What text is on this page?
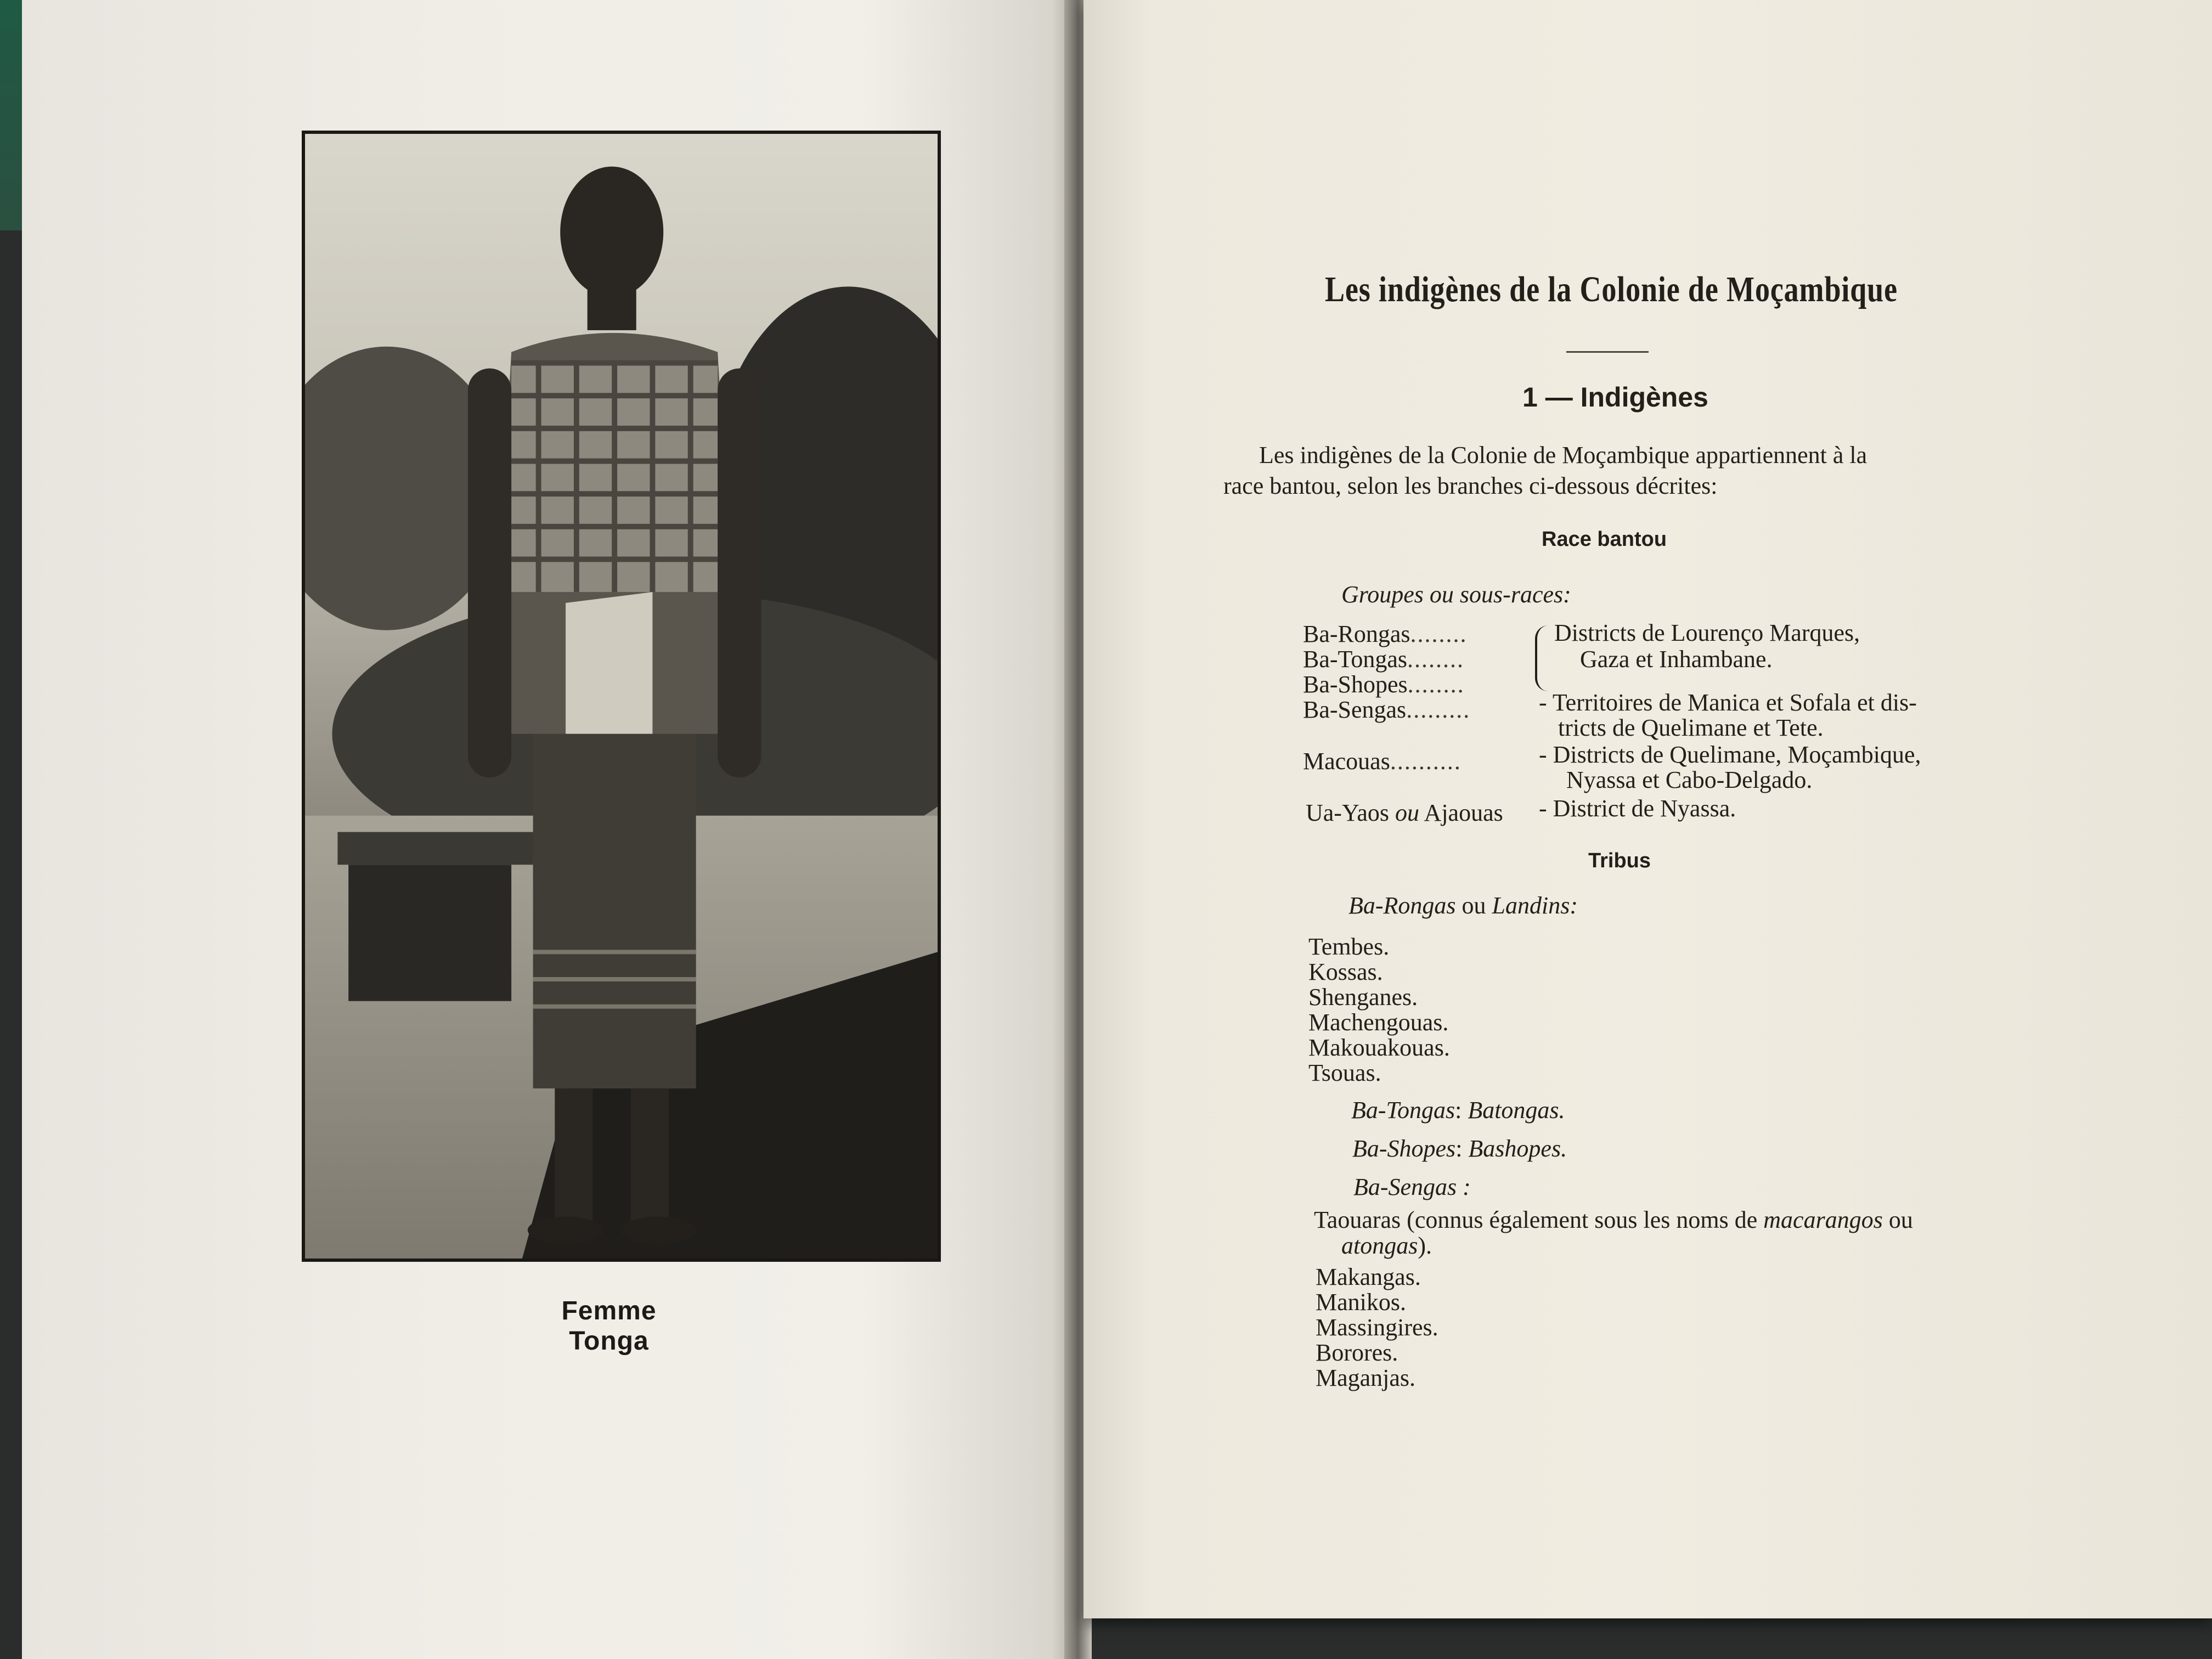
Femme Tonga
Les indigènes de la Colonie de Moçambique
1 — Indigènes
Les indigènes de la Colonie de Moçambique appartiennent à la
race bantou, selon les branches ci-dessous décrites:
Race bantou
Groupes ou sous-races:
Ba-Rongas........
Ba-Tongas........
Ba-Shopes........
Ba-Sengas.........
Macouas..........
Ua-Yaos ou Ajaouas
Districts de Lourenço Marques,
Gaza et Inhambane.
- Territoires de Manica et Sofala et dis-
tricts de Quelimane et Tete.
- Districts de Quelimane, Moçambique,
Nyassa et Cabo-Delgado.
- District de Nyassa.
Tribus
Ba-Rongas ou Landins:
Tembes.
Kossas.
Shenganes.
Machengouas.
Makouakouas.
Tsouas.
Ba-Tongas: Batongas.
Ba-Shopes: Bashopes.
Ba-Sengas :
Taouaras (connus également sous les noms de macarangos ou
atongas).
Makangas.
Manikos.
Massingires.
Borores.
Maganjas.
